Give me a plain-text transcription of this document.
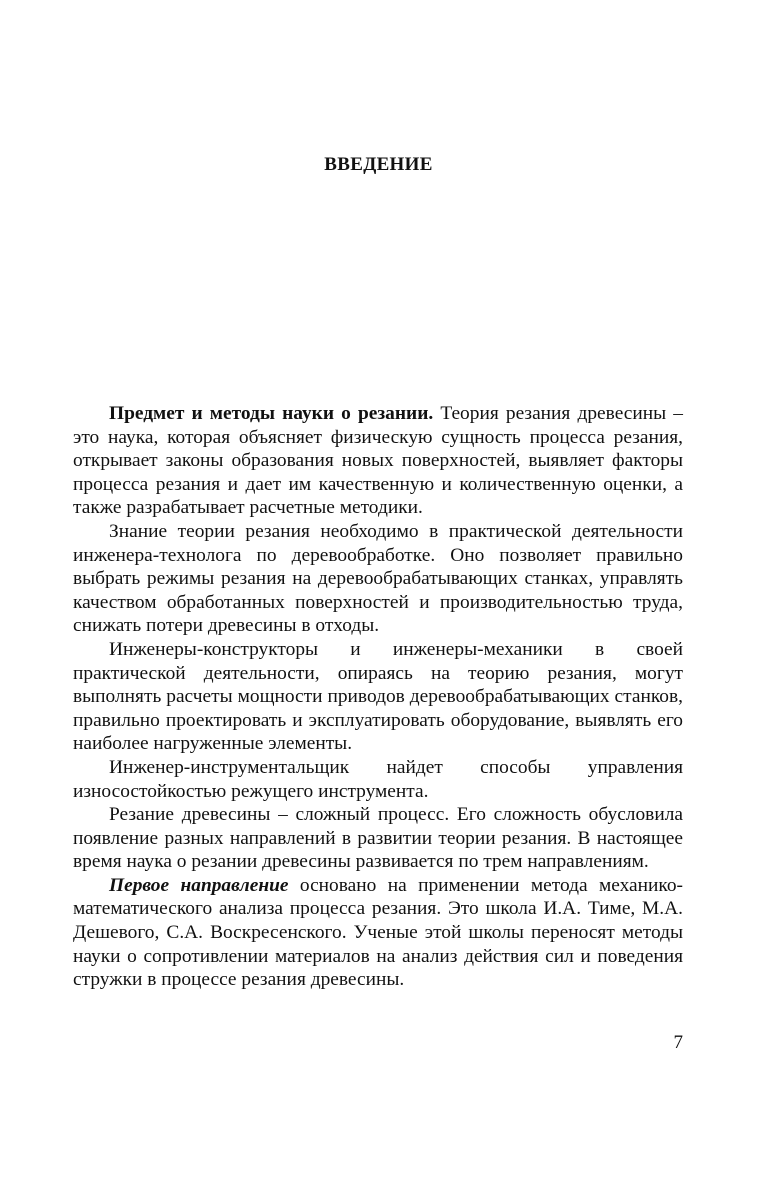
ВВЕДЕНИЕ

Предмет и методы науки о резании. Теория резания древесины – это наука, которая объясняет физическую сущность процесса резания, открывает законы образования новых поверхностей, выявляет факторы процесса резания и дает им качественную и количественную оценки, а также разрабатывает расчетные методики.

Знание теории резания необходимо в практической деятельности инженера-технолога по деревообработке. Оно позволяет правильно выбрать режимы резания на деревообрабатывающих станках, управлять качеством обработанных поверхностей и производительностью труда, снижать потери древесины в отходы.

Инженеры-конструкторы и инженеры-механики в своей практической деятельности, опираясь на теорию резания, могут выполнять расчеты мощности приводов деревообрабатывающих станков, правильно проектировать и эксплуатировать оборудование, выявлять его наиболее нагруженные элементы.

Инженер-инструментальщик найдет способы управления износостойкостью режущего инструмента.

Резание древесины – сложный процесс. Его сложность обусловила появление разных направлений в развитии теории резания. В настоящее время наука о резании древесины развивается по трем направлениям.

Первое направление основано на применении метода механико-математического анализа процесса резания. Это школа И.А. Тиме, М.А. Дешевого, С.А. Воскресенского. Ученые этой школы переносят методы науки о сопротивлении материалов на анализ действия сил и поведения стружки в процессе резания древесины.

7
